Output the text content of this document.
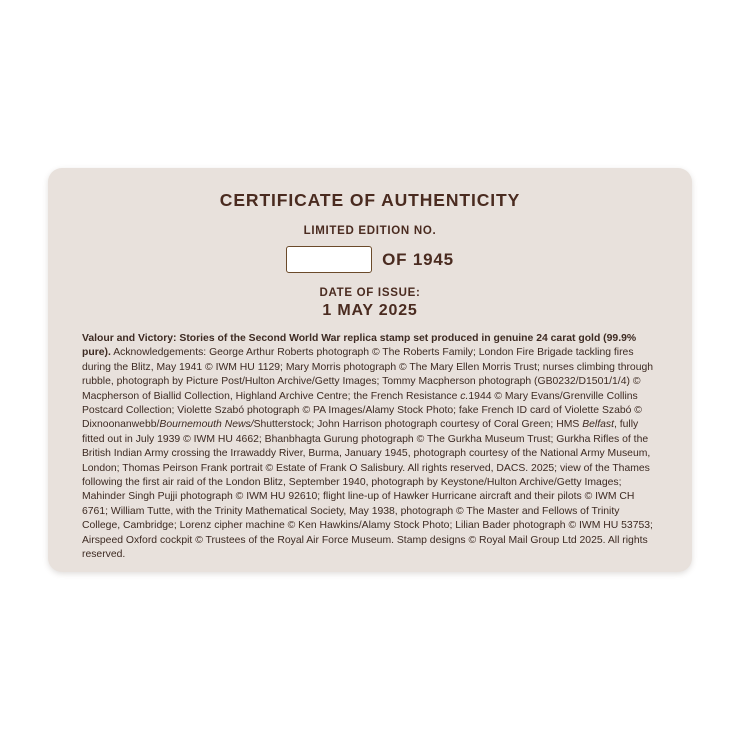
CERTIFICATE OF AUTHENTICITY
LIMITED EDITION NO.
OF 1945
DATE OF ISSUE:
1 MAY 2025

Valour and Victory: Stories of the Second World War replica stamp set produced in genuine 24 carat gold (99.9% pure). Acknowledgements: George Arthur Roberts photograph © The Roberts Family; London Fire Brigade tackling fires during the Blitz, May 1941 © IWM HU 1129; Mary Morris photograph © The Mary Ellen Morris Trust; nurses climbing through rubble, photograph by Picture Post/Hulton Archive/Getty Images; Tommy Macpherson photograph (GB0232/D1501/1/4) © Macpherson of Biallid Collection, Highland Archive Centre; the French Resistance c.1944 © Mary Evans/Grenville Collins Postcard Collection; Violette Szabó photograph © PA Images/Alamy Stock Photo; fake French ID card of Violette Szabó © Dixnoonanwebb/Bournemouth News/Shutterstock; John Harrison photograph courtesy of Coral Green; HMS Belfast, fully fitted out in July 1939 © IWM HU 4662; Bhanbhagta Gurung photograph © The Gurkha Museum Trust; Gurkha Rifles of the British Indian Army crossing the Irrawaddy River, Burma, January 1945, photograph courtesy of the National Army Museum, London; Thomas Peirson Frank portrait © Estate of Frank O Salisbury. All rights reserved, DACS. 2025; view of the Thames following the first air raid of the London Blitz, September 1940, photograph by Keystone/Hulton Archive/Getty Images; Mahinder Singh Pujji photograph © IWM HU 92610; flight line-up of Hawker Hurricane aircraft and their pilots © IWM CH 6761; William Tutte, with the Trinity Mathematical Society, May 1938, photograph © The Master and Fellows of Trinity College, Cambridge; Lorenz cipher machine © Ken Hawkins/Alamy Stock Photo; Lilian Bader photograph © IWM HU 53753; Airspeed Oxford cockpit © Trustees of the Royal Air Force Museum. Stamp designs © Royal Mail Group Ltd 2025. All rights reserved.
